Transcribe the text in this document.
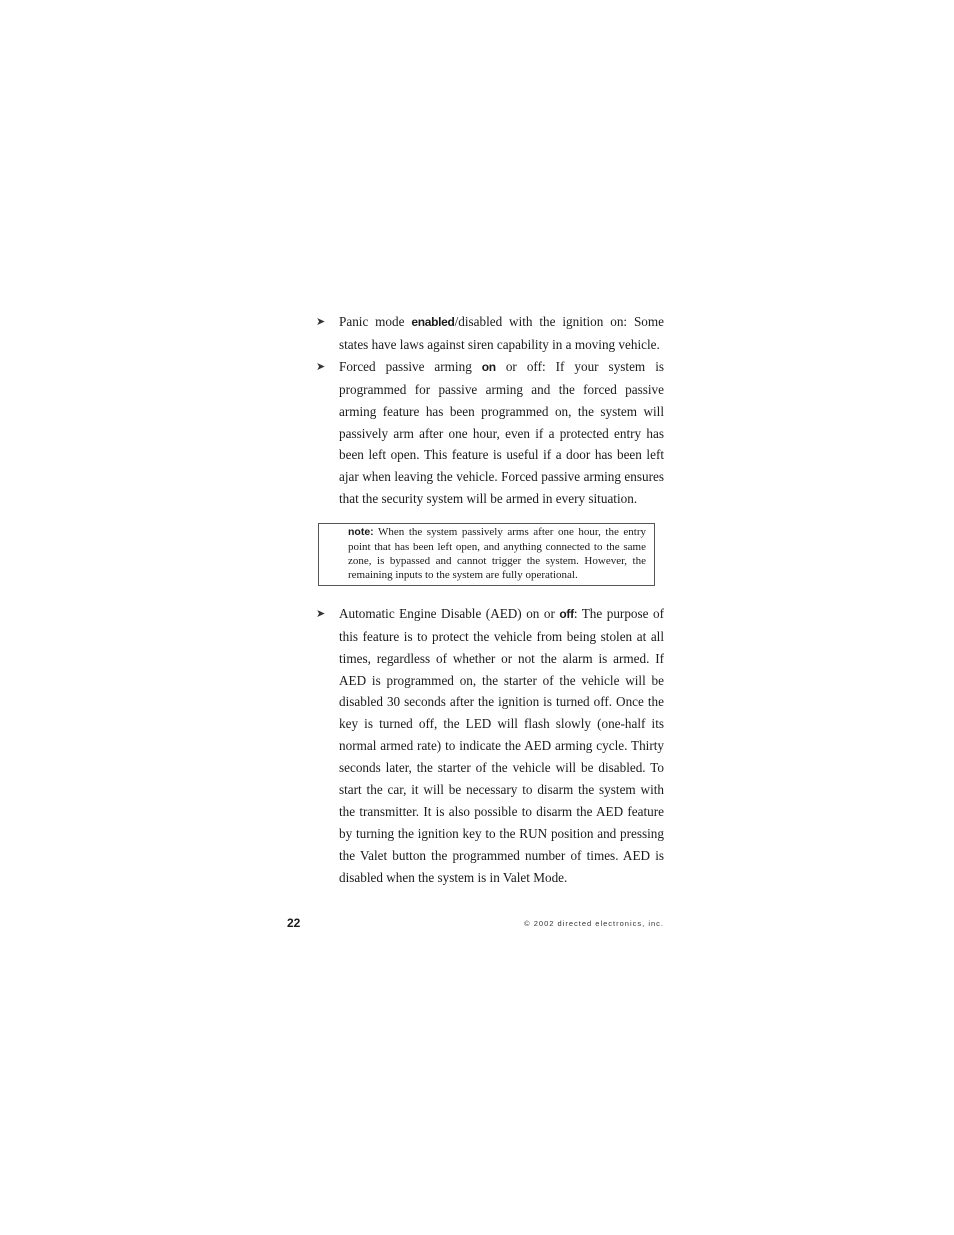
➤ Panic mode enabled/disabled with the ignition on: Some states have laws against siren capability in a moving vehicle.

➤ Forced passive arming on or off: If your system is programmed for passive arming and the forced passive arming feature has been programmed on, the system will passively arm after one hour, even if a protected entry has been left open. This feature is useful if a door has been left ajar when leaving the vehicle. Forced passive arming ensures that the security system will be armed in every situation.

note: When the system passively arms after one hour, the entry point that has been left open, and anything connected to the same zone, is bypassed and cannot trigger the system. However, the remaining inputs to the system are fully operational.

➤ Automatic Engine Disable (AED) on or off: The purpose of this feature is to protect the vehicle from being stolen at all times, regardless of whether or not the alarm is armed. If AED is programmed on, the starter of the vehicle will be disabled 30 seconds after the ignition is turned off. Once the key is turned off, the LED will flash slowly (one-half its normal armed rate) to indicate the AED arming cycle. Thirty seconds later, the starter of the vehicle will be disabled. To start the car, it will be necessary to disarm the system with the transmitter. It is also possible to disarm the AED feature by turning the ignition key to the RUN position and pressing the Valet button the programmed number of times. AED is disabled when the system is in Valet Mode.

22	© 2002 directed electronics, inc.
